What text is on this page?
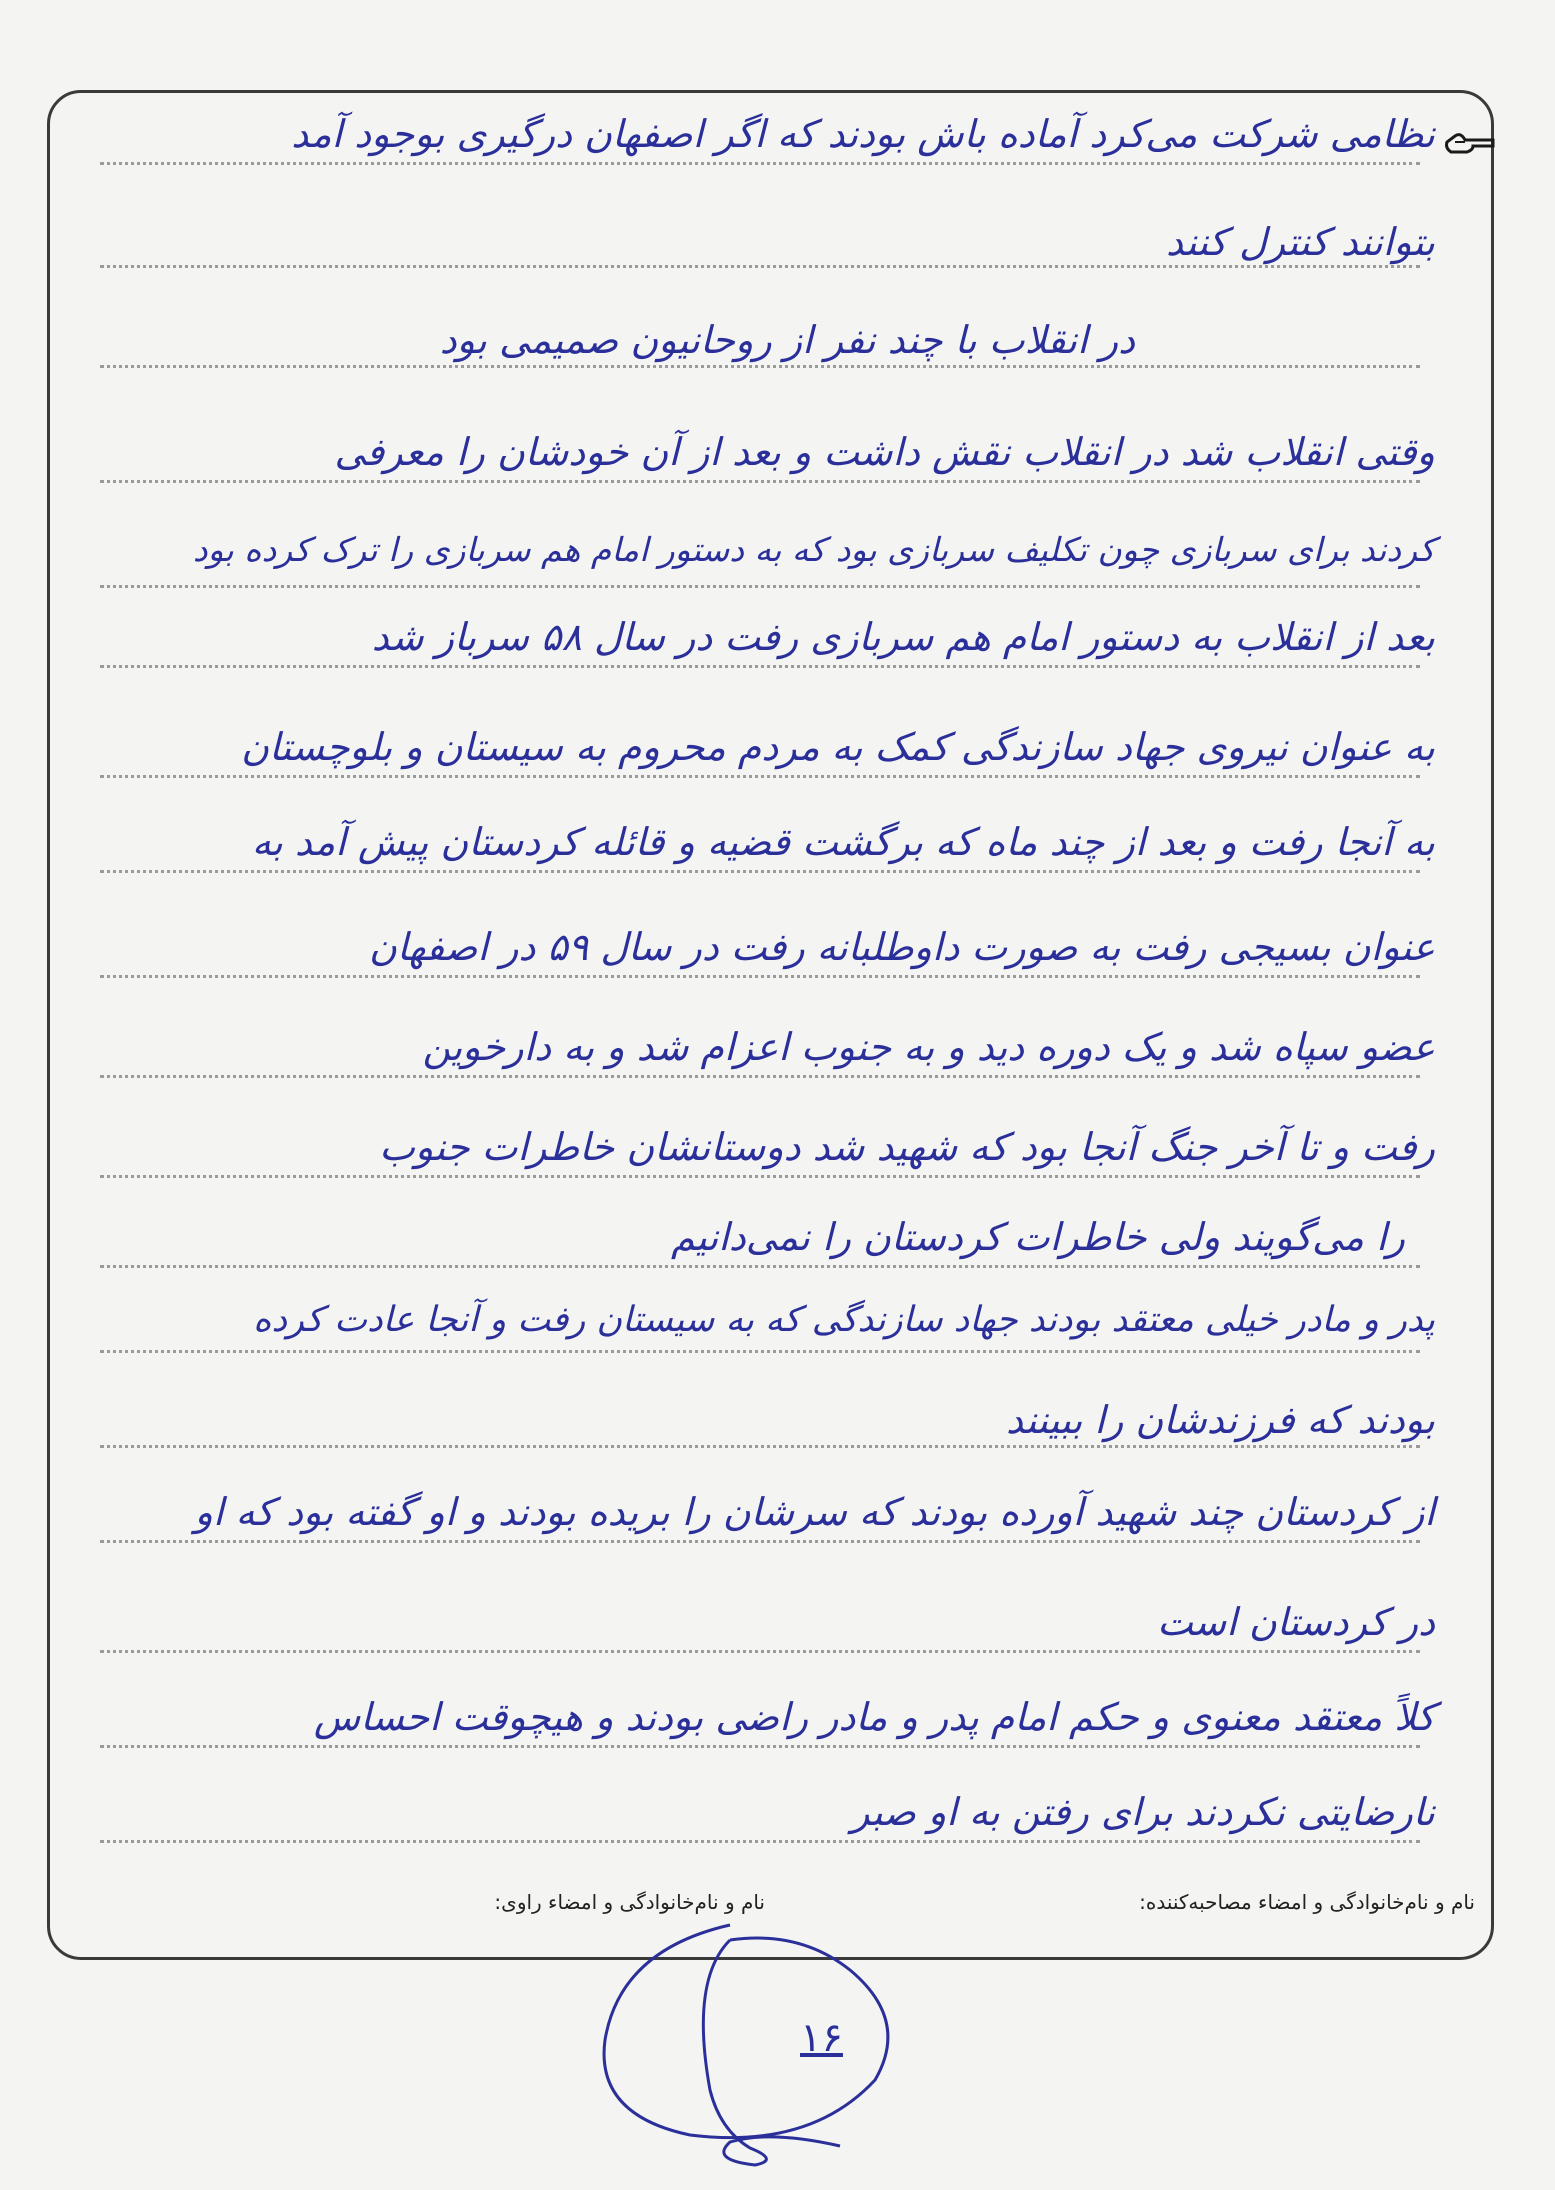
نظامی شرکت می‌کرد آماده باش بودند که اگر اصفهان درگیری بوجود آمد
بتوانند کنترل کنند
در انقلاب با چند نفر از روحانیون صمیمی بود
وقتی انقلاب شد در انقلاب نقش داشت و بعد از آن خودشان را معرفی
کردند برای سربازی چون تکلیف سربازی بود که به دستور امام هم سربازی را ترک کرده بود
بعد از انقلاب به دستور امام هم سربازی رفت در سال ۵۸ سرباز شد
به عنوان نیروی جهاد سازندگی کمک به مردم محروم به سیستان و بلوچستان
به آنجا رفت و بعد از چند ماه که برگشت قضیه و قائله کردستان پیش آمد به
عنوان بسیجی رفت به صورت داوطلبانه رفت در سال ۵۹ در اصفهان
عضو سپاه شد و یک دوره دید و به جنوب اعزام شد و به دارخوین
رفت و تا آخر جنگ آنجا بود که شهید شد دوستانشان خاطرات جنوب
را می‌گویند ولی خاطرات کردستان را نمی‌دانیم
پدر و مادر خیلی معتقد بودند جهاد سازندگی که به سیستان رفت و آنجا عادت کرده
بودند که فرزندشان را ببینند
از کردستان چند شهید آورده بودند که سرشان را بریده بودند و او گفته بود که او
در کردستان است
کلاً معتقد معنوی و حکم امام پدر و مادر راضی بودند و هیچوقت احساس
نارضایتی نکردند برای رفتن به او صبر
نام و نام‌خانوادگی و امضاء مصاحبه‌کننده:
نام و نام‌خانوادگی و امضاء راوی:
۱۶
